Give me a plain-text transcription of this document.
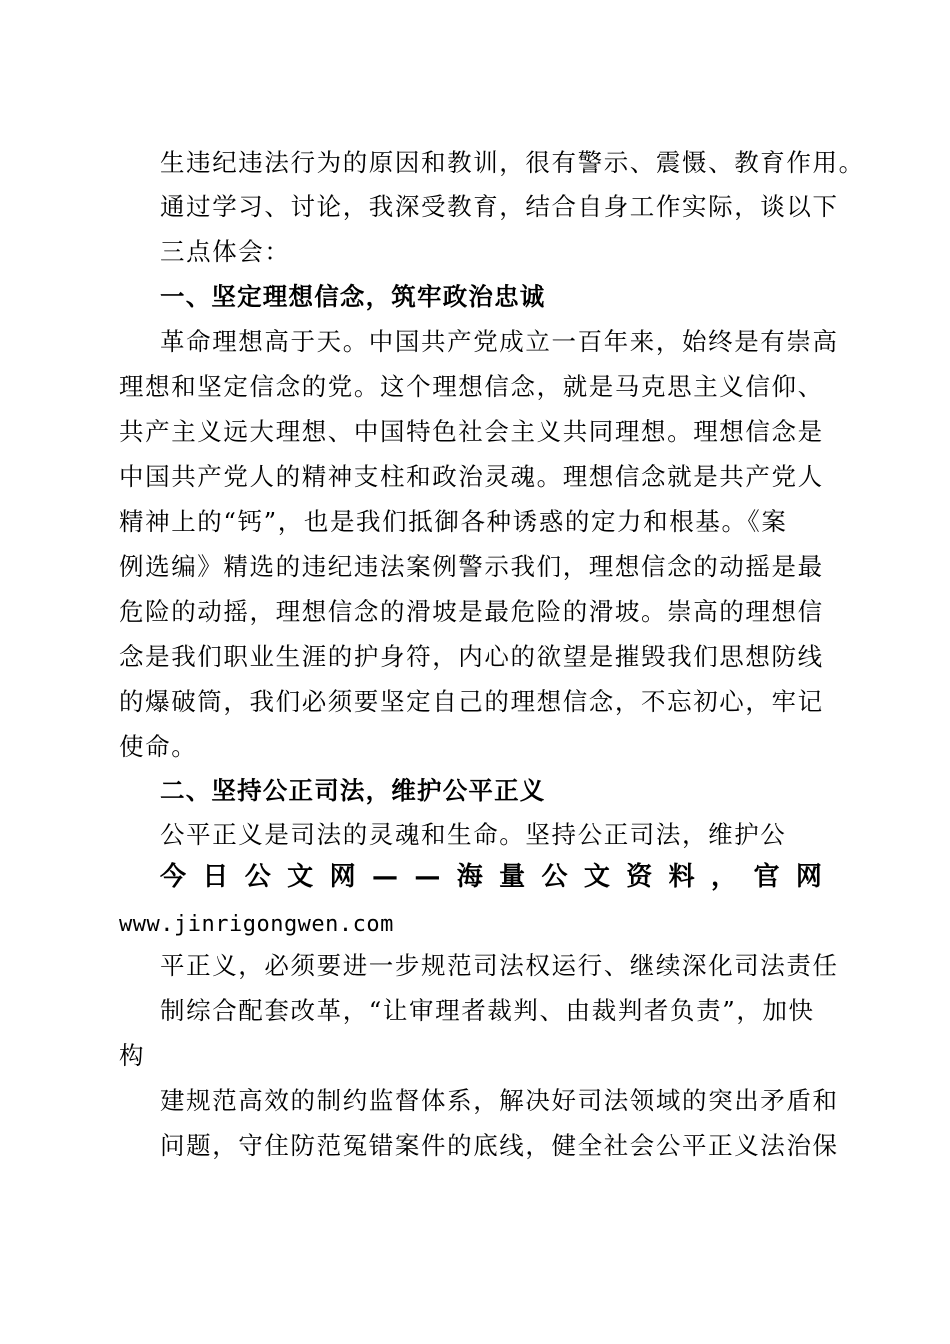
生违纪违法行为的原因和教训，很有警示、震慑、教育作用。
通过学习、讨论，我深受教育，结合自身工作实际，谈以下
三点体会：
一、坚定理想信念，筑牢政治忠诚
革命理想高于天。中国共产党成立一百年来，始终是有崇高
理想和坚定信念的党。这个理想信念，就是马克思主义信仰、
共产主义远大理想、中国特色社会主义共同理想。理想信念是
中国共产党人的精神支柱和政治灵魂。理想信念就是共产党人
精神上的“钙”，也是我们抵御各种诱惑的定力和根基。《案
例选编》精选的违纪违法案例警示我们，理想信念的动摇是最
危险的动摇，理想信念的滑坡是最危险的滑坡。崇高的理想信
念是我们职业生涯的护身符，内心的欲望是摧毁我们思想防线
的爆破筒，我们必须要坚定自己的理想信念，不忘初心，牢记
使命。
二、坚持公正司法，维护公平正义
公平正义是司法的灵魂和生命。坚持公正司法，维护公
今 日 公 文 网 — — 海 量 公 文 资 料 ， 官 网
www.jinrigongwen.com
平正义，必须要进一步规范司法权运行、继续深化司法责任
制综合配套改革，“让审理者裁判、由裁判者负责”，加快
构
建规范高效的制约监督体系，解决好司法领域的突出矛盾和
问题，守住防范冤错案件的底线，健全社会公平正义法治保
